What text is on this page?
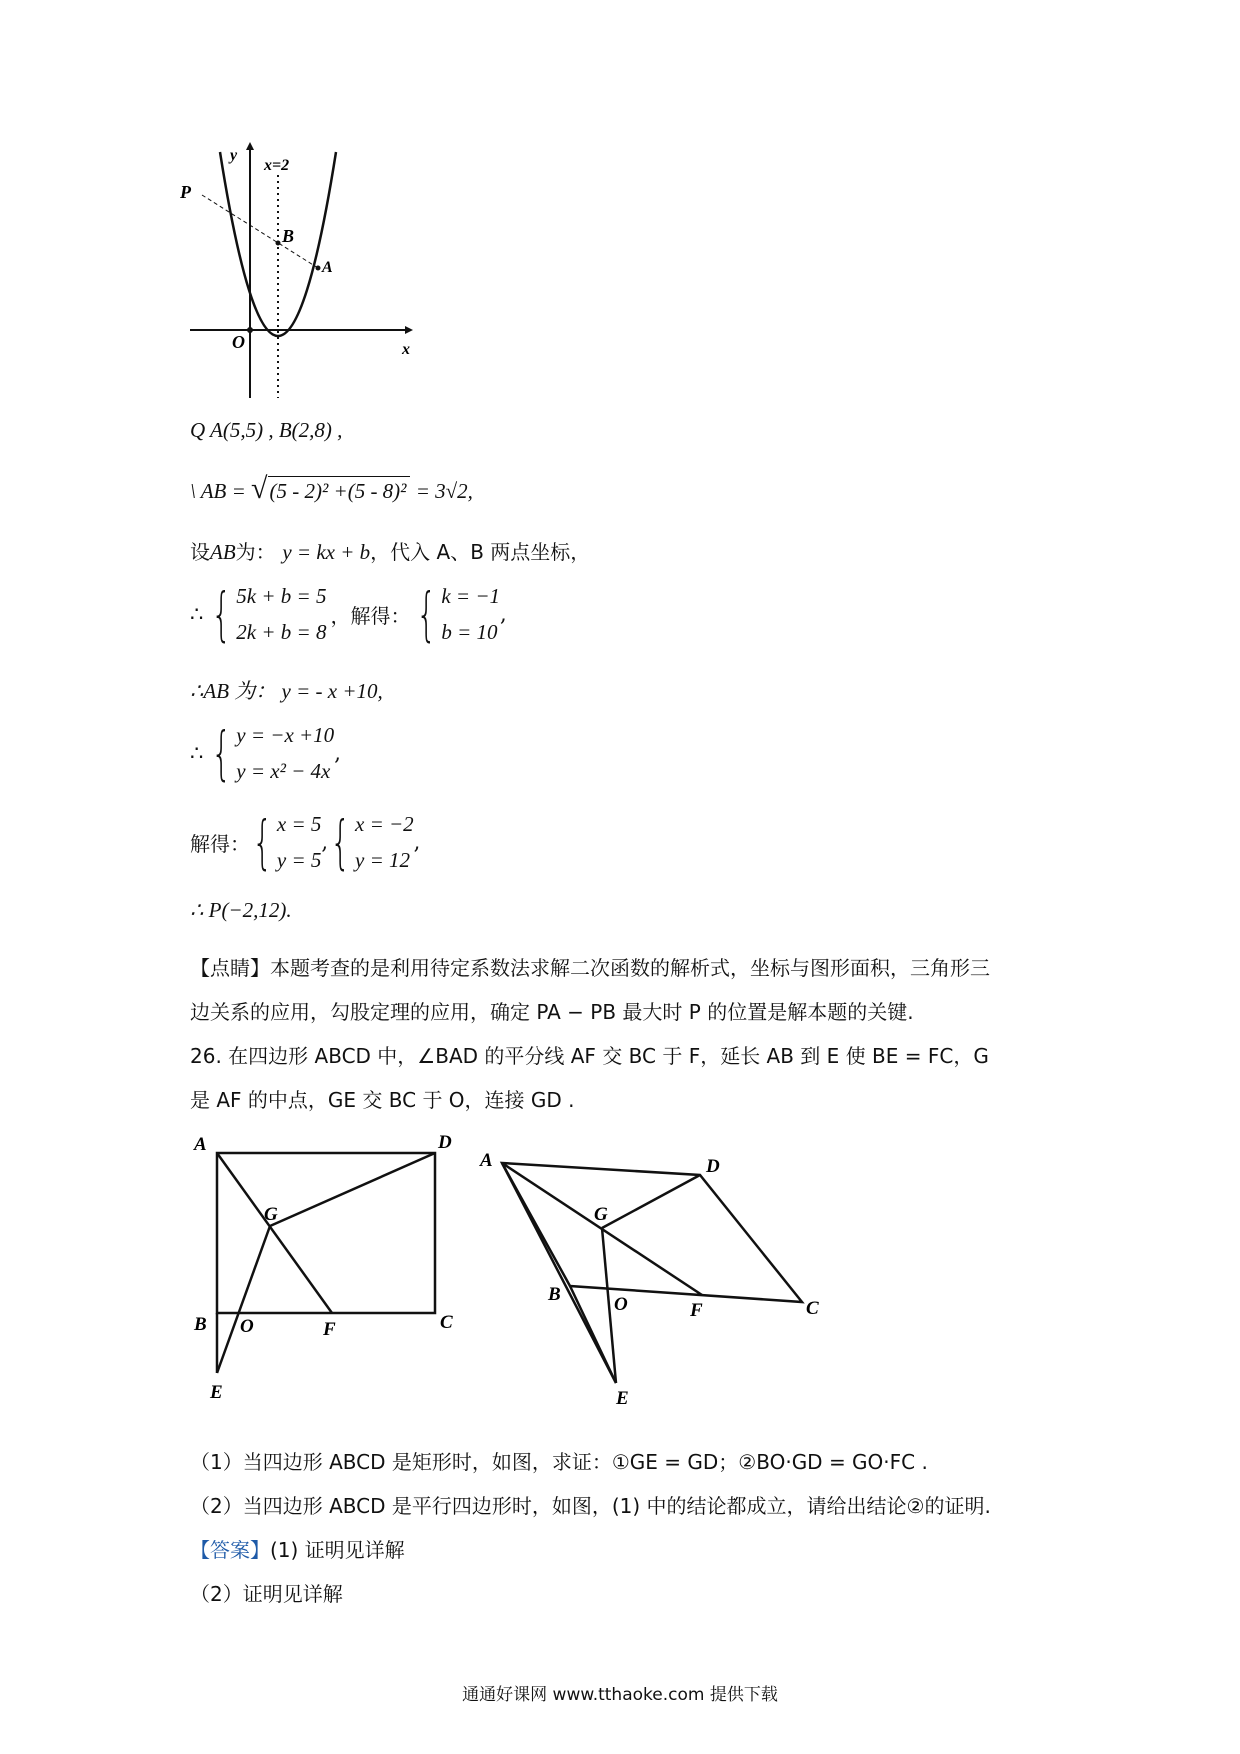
y
x
x=2
P
B
A
O
Q A(5,5) , B(2,8) ,
\ AB = √(5 - 2)² +(5 - 8)² = 3√2,
设AB为： y = kx + b，代入 A、B 两点坐标，
∴ { 5k + b = 5
2k + b = 8
，解得： { k = −1
b = 10
,
∴AB 为： y = - x +10,
∴ { y = −x +10
y = x² − 4x
,
解得： { x = 5
y = 5
, { x = −2
y = 12
,
∴ P(−2,12).
【点睛】本题考查的是利用待定系数法求解二次函数的解析式，坐标与图形面积，三角形三
边关系的应用，勾股定理的应用，确定 PA − PB 最大时 P 的位置是解本题的关键.
26. 在四边形 ABCD 中，∠BAD 的平分线 AF 交 BC 于 F，延长 AB 到 E 使 BE = FC，G
是 AF 的中点，GE 交 BC 于 O，连接 GD .
A	D
G
B O	F	C
E
A	D
G
B	O	F	C
E
（1）当四边形 ABCD 是矩形时，如图，求证：①GE = GD；②BO·GD = GO·FC .
（2）当四边形 ABCD 是平行四边形时，如图，(1) 中的结论都成立，请给出结论②的证明.
【答案】(1) 证明见详解
（2）证明见详解
通通好课网 www.tthaoke.com 提供下载
